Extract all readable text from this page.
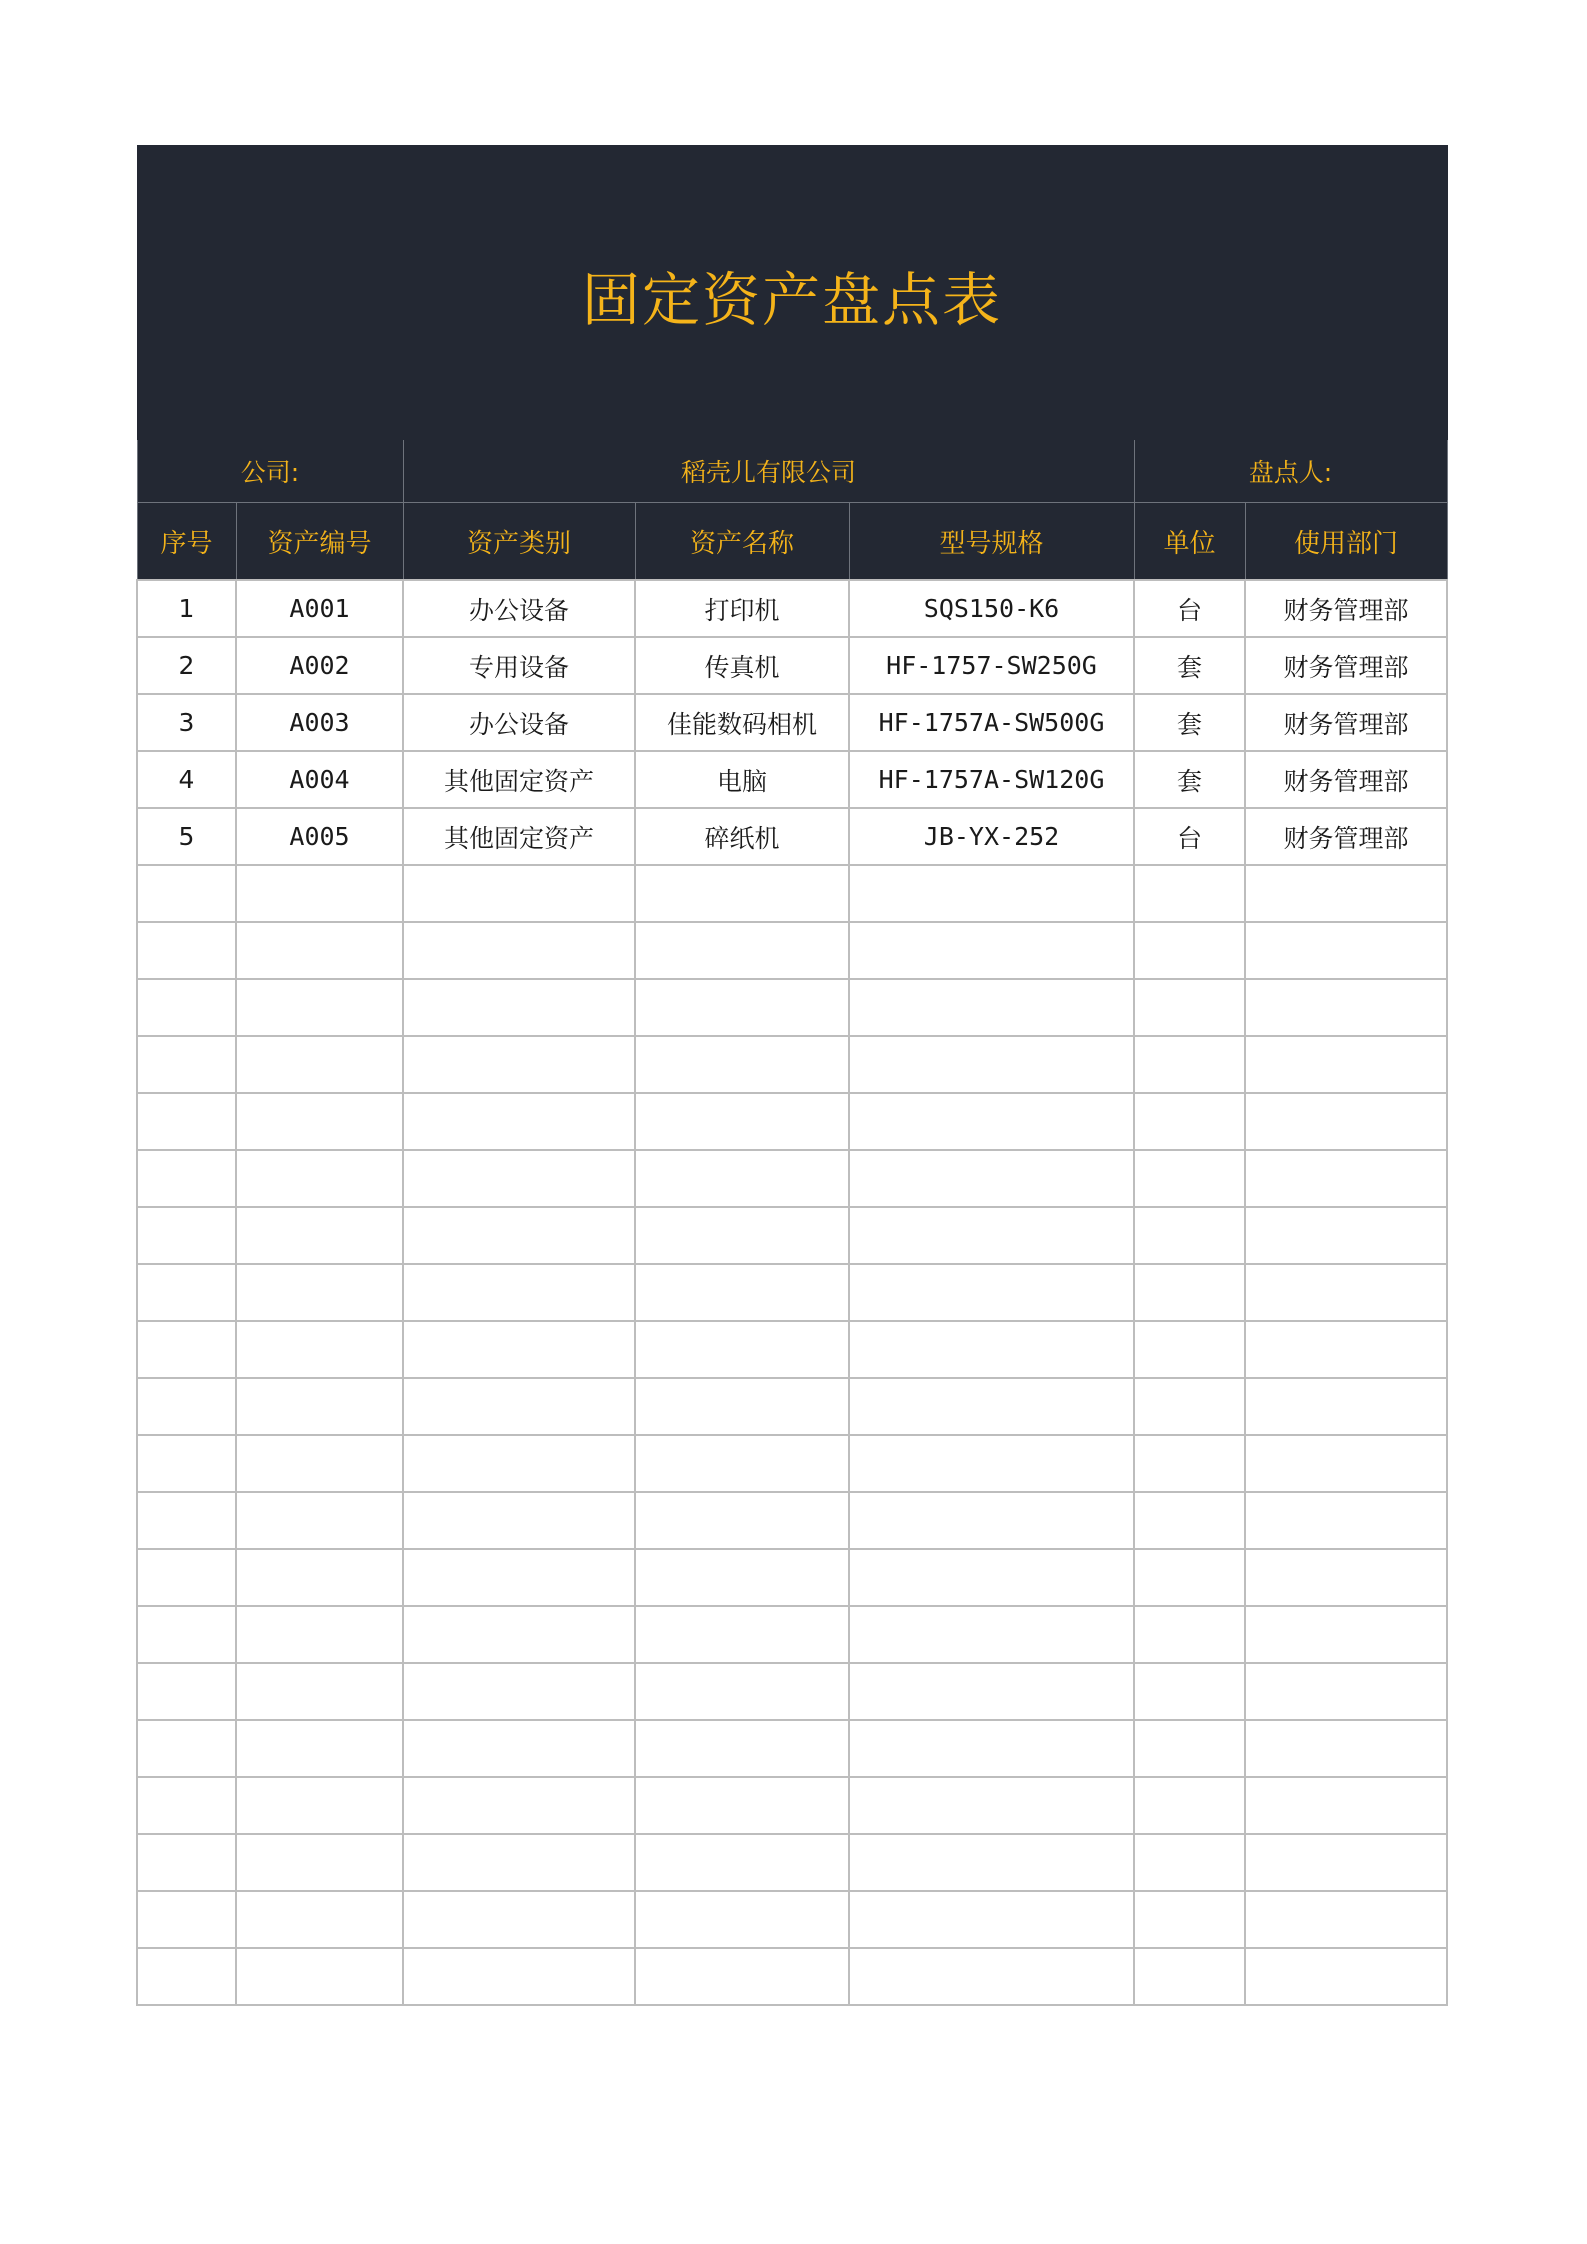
固定资产盘点表						
公司:		稻壳儿有限公司			盘点人:	
序号	资产编号	资产类别	资产名称	型号规格	单位	使用部门
1	A001	办公设备	打印机	SQS150-K6	台	财务管理部
2	A002	专用设备	传真机	HF-1757-SW250G	套	财务管理部
3	A003	办公设备	佳能数码相机	HF-1757A-SW500G	套	财务管理部
4	A004	其他固定资产	电脑	HF-1757A-SW120G	套	财务管理部
5	A005	其他固定资产	碎纸机	JB-YX-252	台	财务管理部
